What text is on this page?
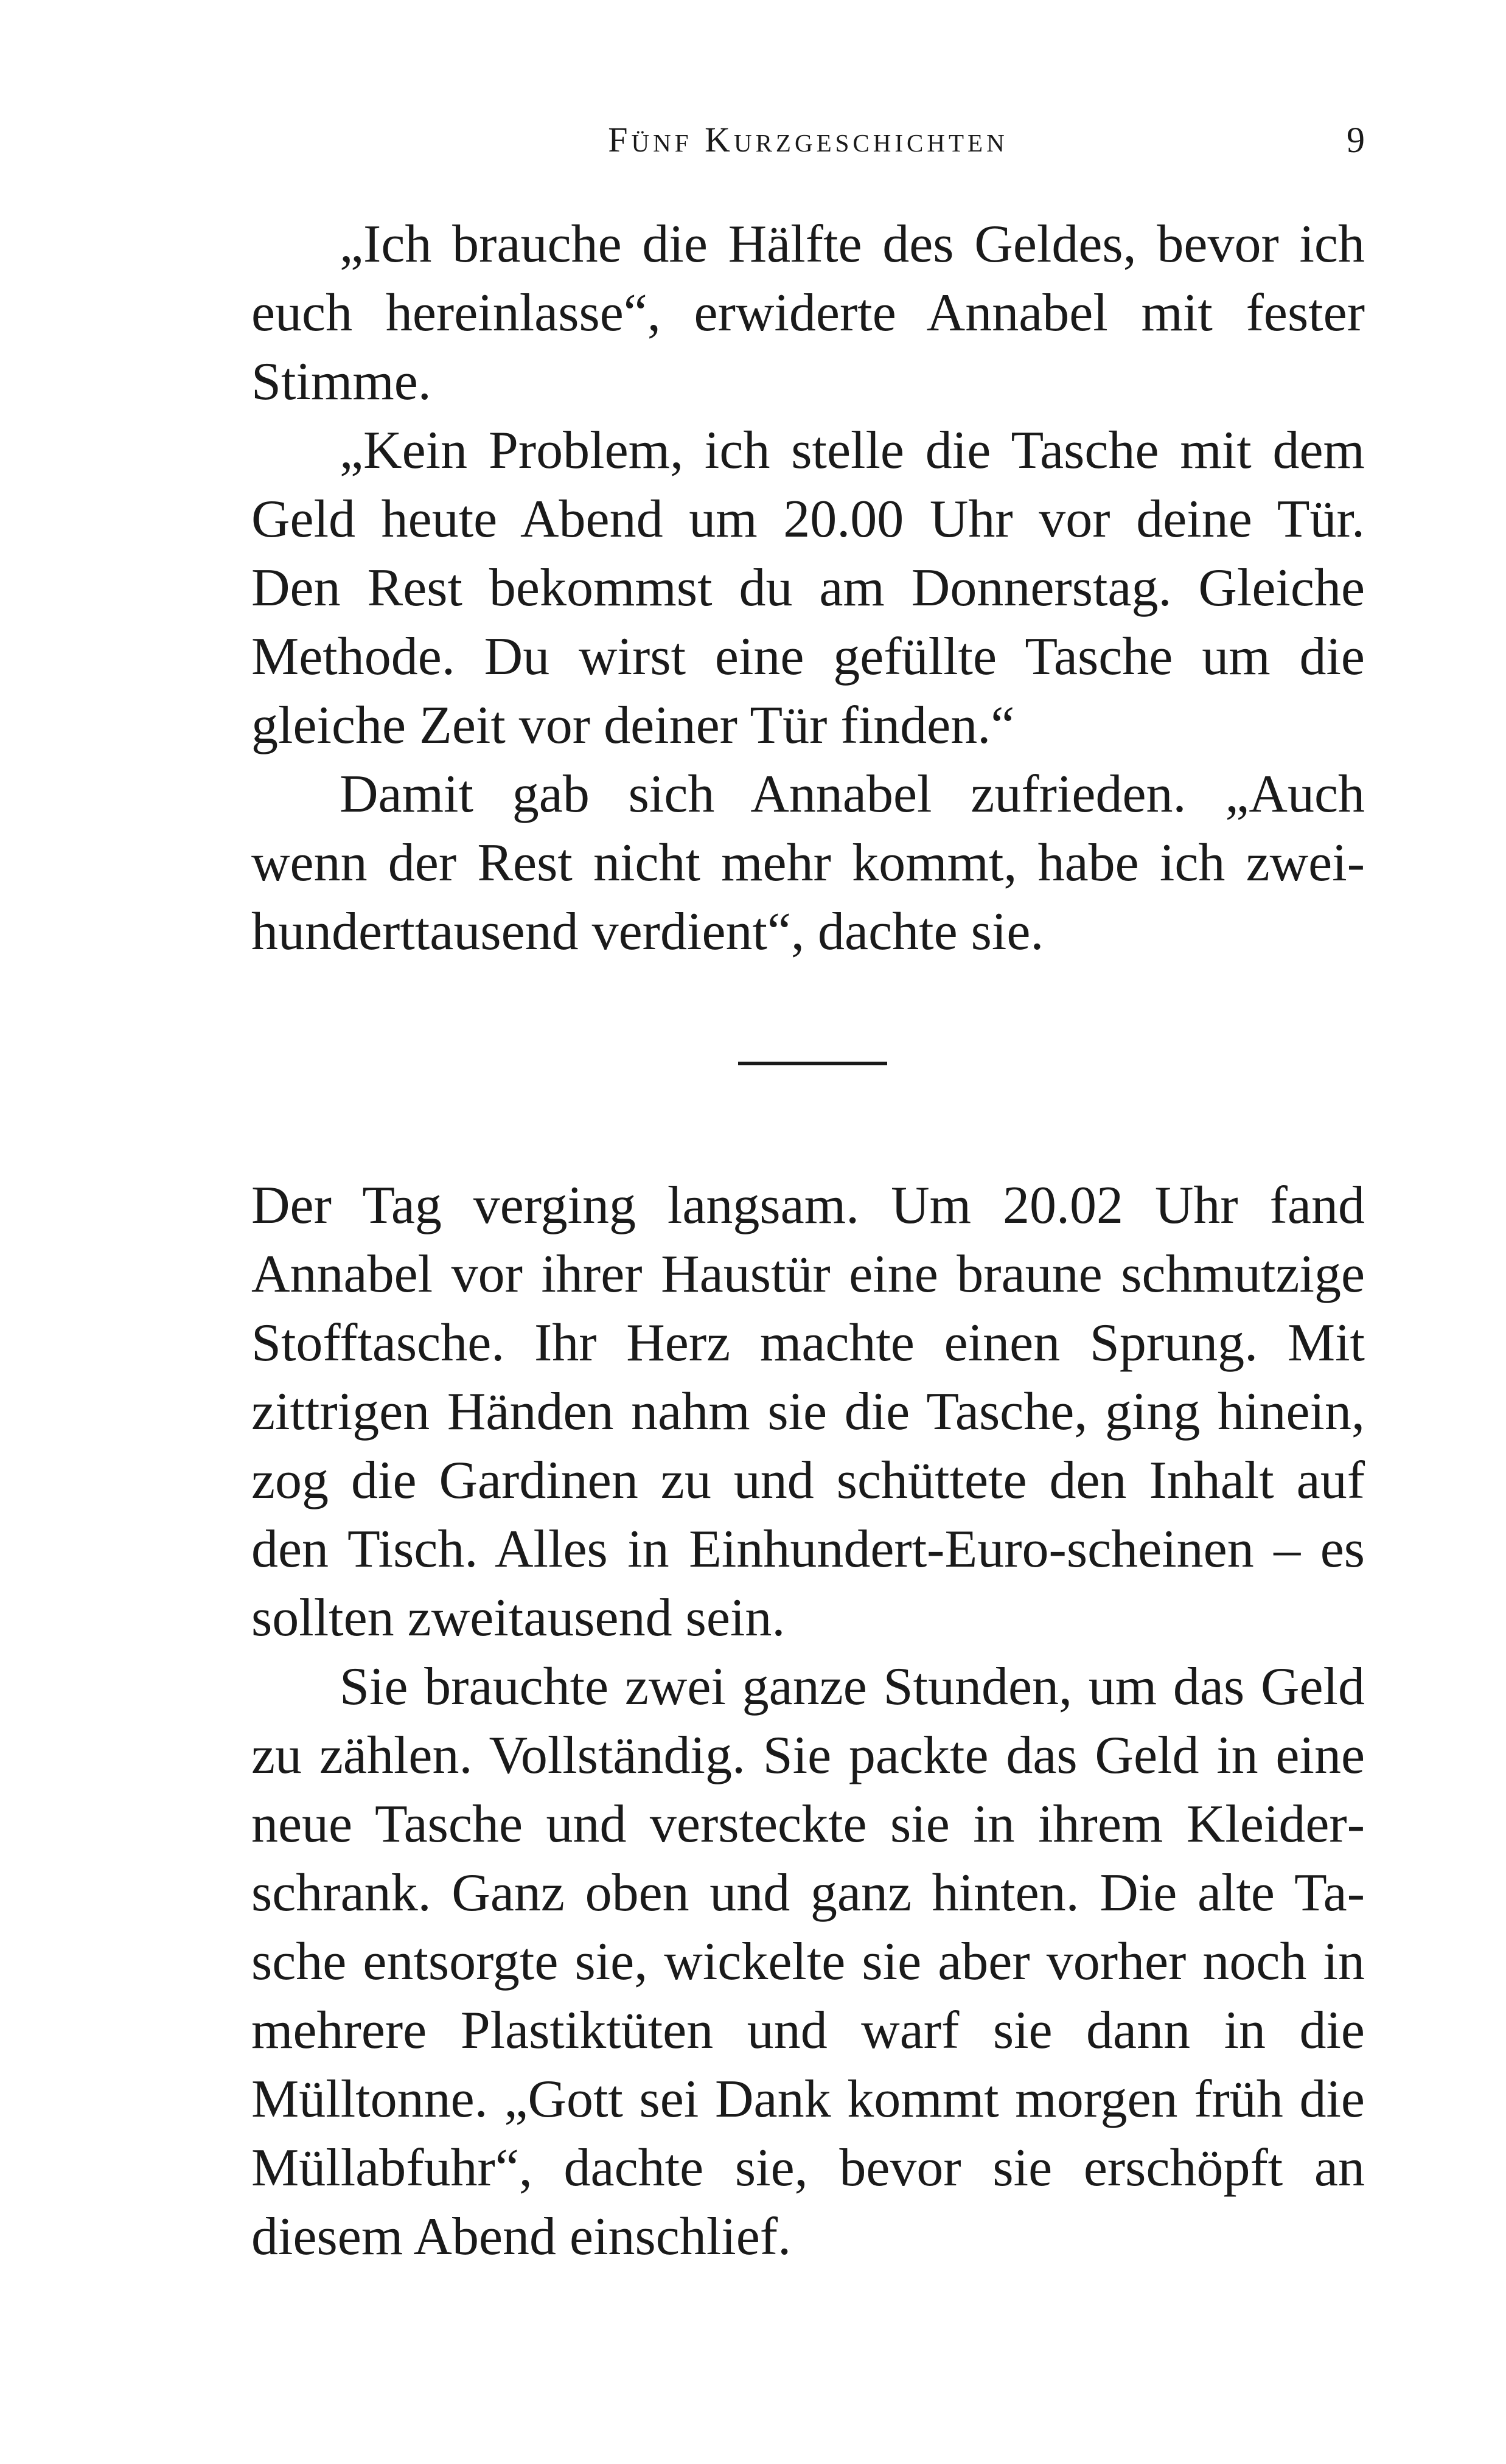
Fünf Kurzgeschichten	9

„Ich brauche die Hälfte des Geldes, bevor ich euch hereinlasse“, erwiderte Annabel mit fester Stimme.

„Kein Problem, ich stelle die Tasche mit dem Geld heute Abend um 20.00 Uhr vor deine Tür. Den Rest bekommst du am Donnerstag. Gleiche Methode. Du wirst eine gefüllte Tasche um die gleiche Zeit vor deiner Tür finden.“

Damit gab sich Annabel zufrieden. „Auch wenn der Rest nicht mehr kommt, habe ich zweihunderttausend verdient“, dachte sie.

Der Tag verging langsam. Um 20.02 Uhr fand Annabel vor ihrer Haustür eine braune schmutzige Stofftasche. Ihr Herz machte einen Sprung. Mit zittrigen Händen nahm sie die Tasche, ging hinein, zog die Gardinen zu und schüttete den Inhalt auf den Tisch. Alles in Einhundert-Euro-scheinen – es sollten zweitausend sein.

Sie brauchte zwei ganze Stunden, um das Geld zu zählen. Vollständig. Sie packte das Geld in eine neue Tasche und versteckte sie in ihrem Kleiderschrank. Ganz oben und ganz hinten. Die alte Tasche entsorgte sie, wickelte sie aber vorher noch in mehrere Plastiktüten und warf sie dann in die Mülltonne. „Gott sei Dank kommt morgen früh die Müllabfuhr“, dachte sie, bevor sie erschöpft an diesem Abend einschlief.
